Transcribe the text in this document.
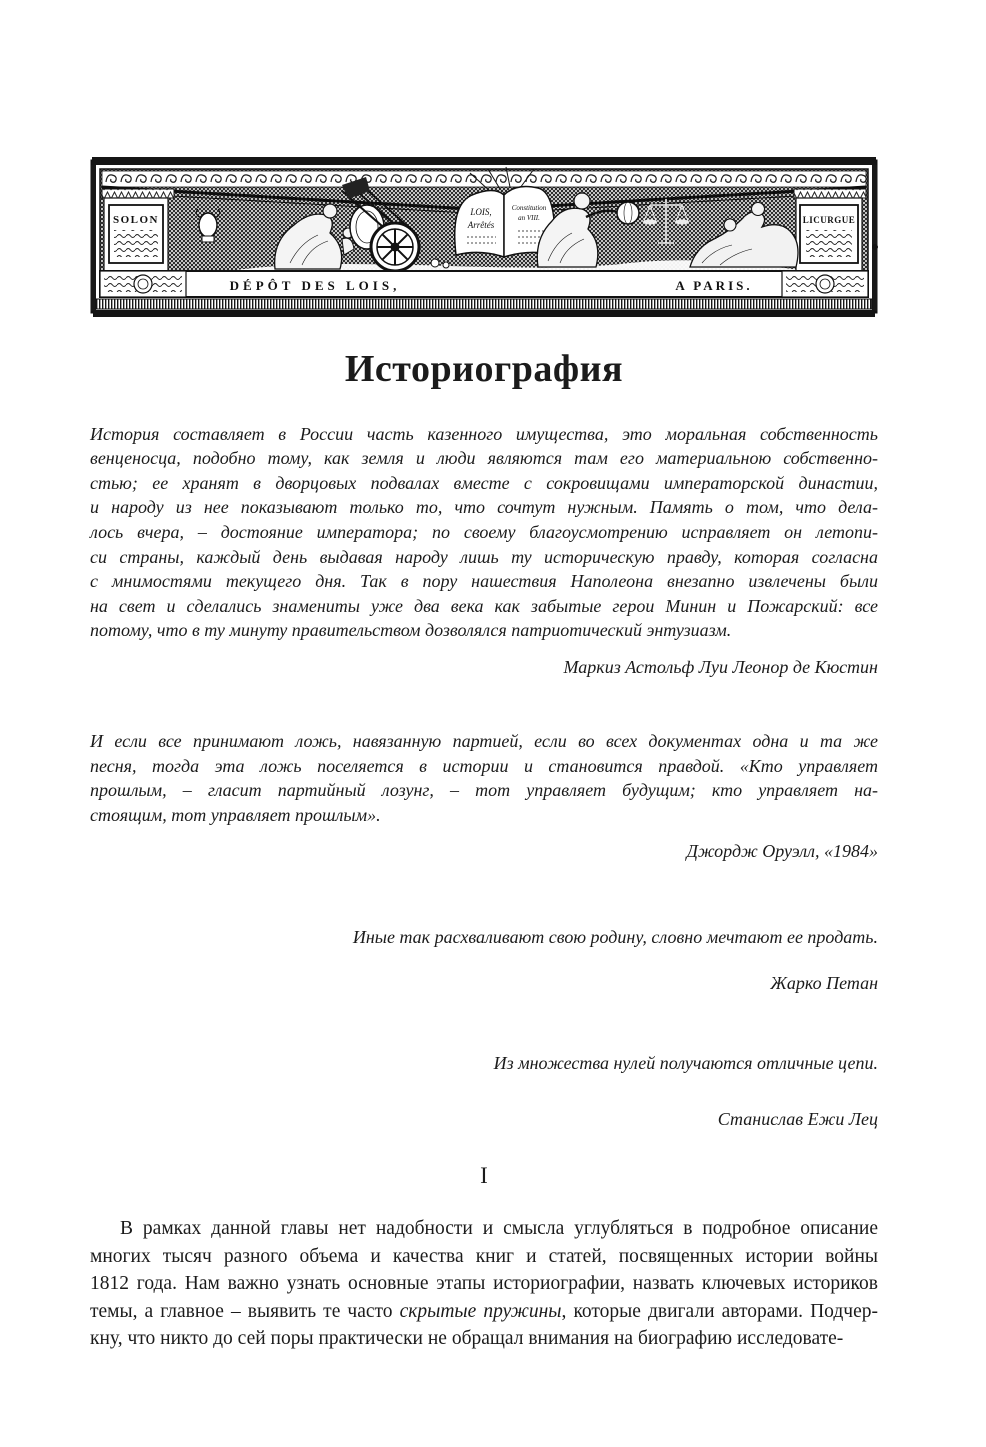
SOLON	LICURGUE
LOIS,
Arrêtés
Constitution
an VIII.
DÉPÔT DES LOIS,	A PARIS.
Историография
История составляет в России часть казенного имущества, это моральная собственность
венценосца, подобно тому, как земля и люди являются там его материальною собственно-
стью; ее хранят в дворцовых подвалах вместе с сокровищами императорской династии,
и народу из нее показывают только то, что сочтут нужным. Память о том, что дела-
лось вчера, – достояние императора; по своему благоусмотрению исправляет он летопи-
си страны, каждый день выдавая народу лишь ту историческую правду, которая согласна
с мнимостями текущего дня. Так в пору нашествия Наполеона внезапно извлечены были
на свет и сделались знамениты уже два века как забытые герои Минин и Пожарский: все
потому, что в ту минуту правительством дозволялся патриотический энтузиазм.
Маркиз Астольф Луи Леонор де Кюстин
И если все принимают ложь, навязанную партией, если во всех документах одна и та же
песня, тогда эта ложь поселяется в истории и становится правдой. «Кто управляет
прошлым, – гласит партийный лозунг, – тот управляет будущим; кто управляет на-
стоящим, тот управляет прошлым».
Джордж Оруэлл, «1984»
Иные так расхваливают свою родину, словно мечтают ее продать.
Жарко Петан
Из множества нулей получаются отличные цепи.
Станислав Ежи Лец
I
В рамках данной главы нет надобности и смысла углубляться в подробное описание
многих тысяч разного объема и качества книг и статей, посвященных истории войны
1812 года. Нам важно узнать основные этапы историографии, назвать ключевых историков
темы, а главное – выявить те часто скрытые пружины, которые двигали авторами. Подчер-
кну, что никто до сей поры практически не обращал внимания на биографию исследовате-
